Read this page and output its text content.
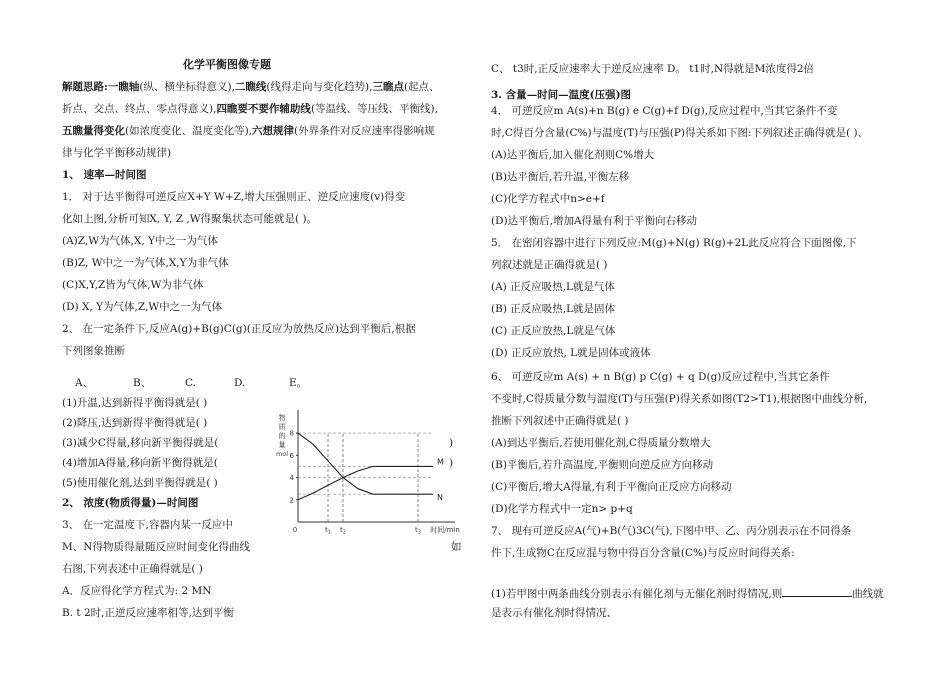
化学平衡图像专题
解题思路:一瞧轴(纵、横坐标得意义),二瞧线(线得走向与变化趋势),三瞧点(起点、
折点、交点、终点、零点得意义),四瞧要不要作辅助线(等温线、等压线、平衡线),
五瞧量得变化(如浓度变化、温度变化等),六想规律(外界条件对反应速率得影响规
律与化学平衡移动规律)
1、 速率—时间图
1． 对于达平衡得可逆反应X+Y W+Z,增大压强则正、逆反应速度(v)得变
化如上图,分析可知X, Y, Z ,W得聚集状态可能就是( )。
(A)Z,W为气体,X, Y中之一为气体
(B)Z, W中之一为气体,X,Y为非气体
(C)X,Y,Z皆为气体,W为非气体
(D) X, Y为气体,Z,W中之一为气体
2、 在一定条件下,反应A(g)+B(g)C(g)(正反应为放热反应)达到平衡后,根据
下列图象推断
A、	B、	C.	D.	E。
(1)升温,达到新得平衡得就是( )
(2)降压,达到新得平衡得就是( )
(3)减少C得量,移向新平衡得就是(	)
(4)增加A得量,移向新平衡得就是(	)
(5)使用催化剂,达到平衡得就是( )
2、 浓度(物质得量)—时间图
3、 在一定温度下,容器内某一反应中
M、N得物质得量随反应时间变化得曲线	如
右图,下列表述中正确得就是( )
A．反应得化学方程式为: 2 MN
B. t 2时,正逆反应速率相等,达到平衡
物
质
的
量
mol
2
4
6
8
0	$t_1$ $t_2$	$t_3$ 时间/min
M
N
C、 t3时,正反应速率大于逆反应速率 D。 t1时,N得就是M浓度得2倍
3. 含量—时间—温度(压强)图
4． 可逆反应m A(s)+n B(g) e C(g)+f D(g),反应过程中,当其它条件不变
时,C得百分含量(C%)与温度(T)与压强(P)得关系如下图:下列叙述正确得就是( )、
(A)达平衡后,加入催化剂则C%增大
(B)达平衡后,若升温,平衡左移
(C)化学方程式中n>e+f
(D)达平衡后,增加A得量有利于平衡向右移动
5． 在密闭容器中进行下列反应:M(g)+N(g) R(g)+2L此反应符合下面图像,下
列叙述就是正确得就是( )
(A) 正反应吸热,L就是气体
(B) 正反应吸热,L就是固体
(C) 正反应放热,L就是气体
(D) 正反应放热, L就是固体或液体
6、 可逆反应m A(s) + n B(g) p C(g) + q D(g)反应过程中,当其它条件
不变时,C得质量分数与温度(T)与压强(P)得关系如图(T2>T1),根据图中曲线分析,
推断下列叙述中正确得就是( )
(A)到达平衡后,若使用催化剂,C得质量分数增大
(B)平衡后,若升高温度,平衡则向逆反应方向移动
(C)平衡后,增大A得量,有利于平衡向正反应方向移动
(D)化学方程式中一定n> p+q
7、 现有可逆反应A(气)+B(气)3C(气),下图中甲、乙、丙分别表示在不同得条
件下,生成物C在反应混与物中得百分含量(C%)与反应时间得关系:
(1)若甲图中两条曲线分别表示有催化剂与无催化剂时得情况,则	曲线就
是表示有催化剂时得情况、
